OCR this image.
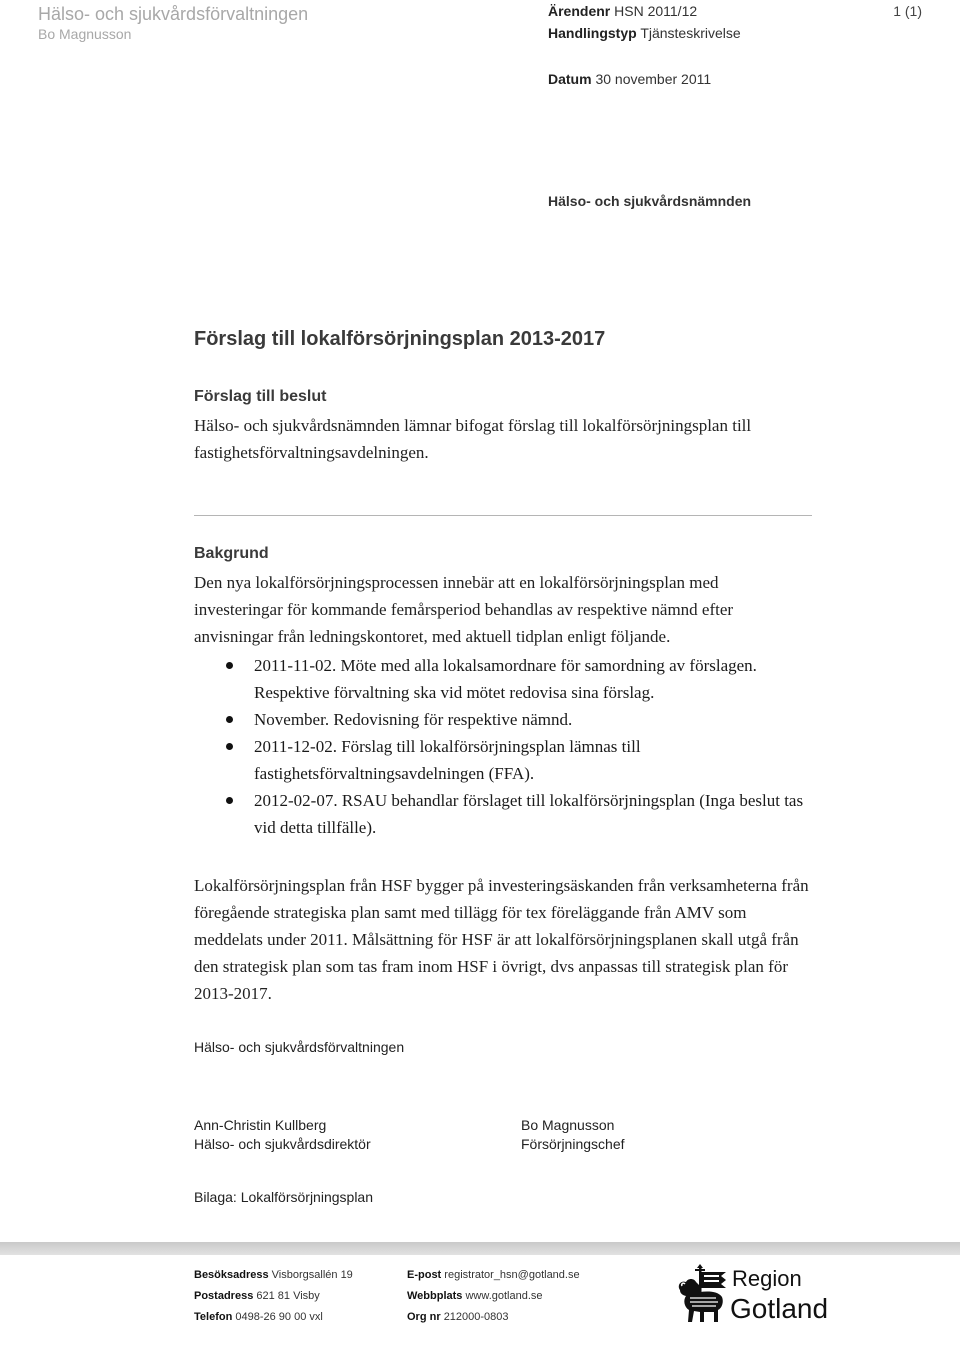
Hälso- och sjukvårdsförvaltningen
Bo Magnusson
Ärendenr HSN 2011/12
Handlingstyp Tjänsteskrivelse
Datum 30 november 2011
1 (1)
Hälso- och sjukvårdsnämnden
Förslag till lokalförsörjningsplan 2013-2017
Förslag till beslut
Hälso- och sjukvårdsnämnden lämnar bifogat förslag till lokalförsörjningsplan till fastighetsförvaltningsavdelningen.
Bakgrund
Den nya lokalförsörjningsprocessen innebär att en lokalförsörjningsplan med investeringar för kommande femårsperiod behandlas av respektive nämnd efter anvisningar från ledningskontoret, med aktuell tidplan enligt följande.
2011-11-02. Möte med alla lokalsamordnare för samordning av förslagen. Respektive förvaltning ska vid mötet redovisa sina förslag.
November. Redovisning för respektive nämnd.
2011-12-02. Förslag till lokalförsörjningsplan lämnas till fastighetsförvaltningsavdelningen (FFA).
2012-02-07. RSAU behandlar förslaget till lokalförsörjningsplan (Inga beslut tas vid detta tillfälle).
Lokalförsörjningsplan från HSF bygger på investeringsäskanden från verksamheterna från föregående strategiska plan samt med tillägg för tex föreläggande från AMV som meddelats under 2011. Målsättning för HSF är att lokalförsörjningsplanen skall utgå från den strategisk plan som tas fram inom HSF i övrigt, dvs anpassas till strategisk plan för 2013-2017.
Hälso- och sjukvårdsförvaltningen
Ann-Christin Kullberg
Hälso- och sjukvårdsdirektör
Bo Magnusson
Försörjningschef
Bilaga: Lokalförsörjningsplan
Besöksadress Visborgsallén 19
Postadress 621 81 Visby
Telefon 0498-26 90 00 vxl
E-post registrator_hsn@gotland.se
Webbplats www.gotland.se
Org nr 212000-0803
Region
Gotland
